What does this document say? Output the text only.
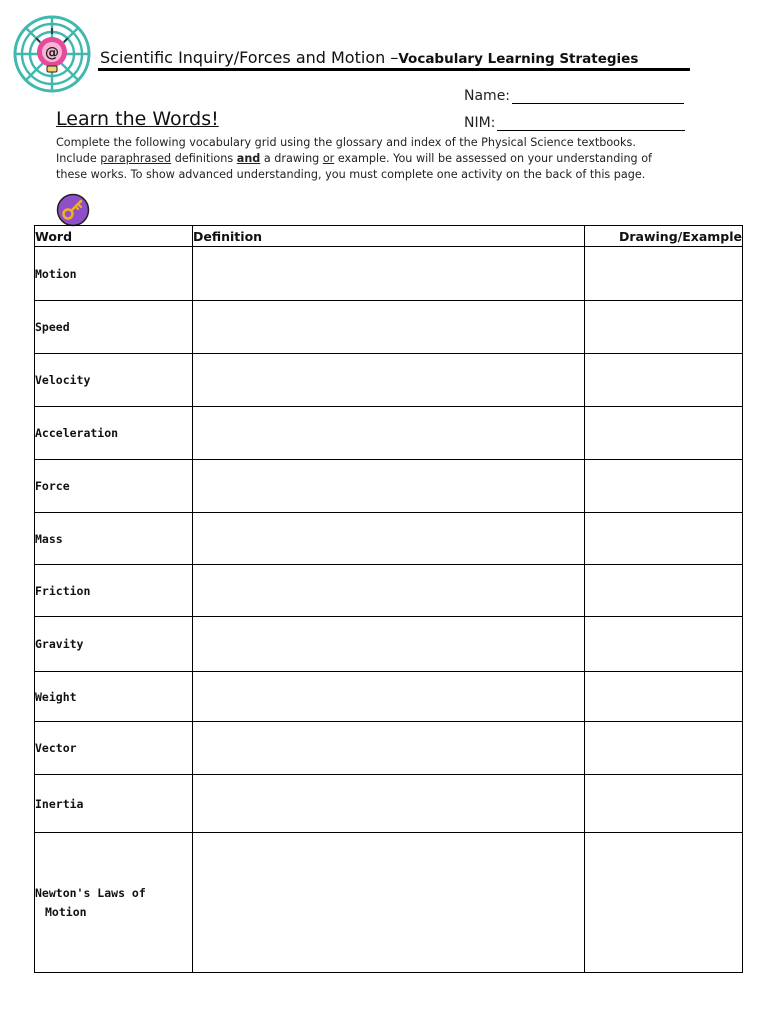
@	Scientific Inquiry/Forces and Motion –Vocabulary Learning Strategies
Name:
NIM:
Learn the Words!
Complete the following vocabulary grid using the glossary and index of the Physical Science textbooks.
Include paraphrased definitions and a drawing or example. You will be assessed on your understanding of
these works. To show advanced understanding, you must complete one activity on the back of this page.
Word	Definition	Drawing/Example
Motion		
Speed		
Velocity		
Acceleration		
Force		
Mass		
Friction		
Gravity		
Weight		
Vector		
Inertia		

Newton's Laws of
Motion		
